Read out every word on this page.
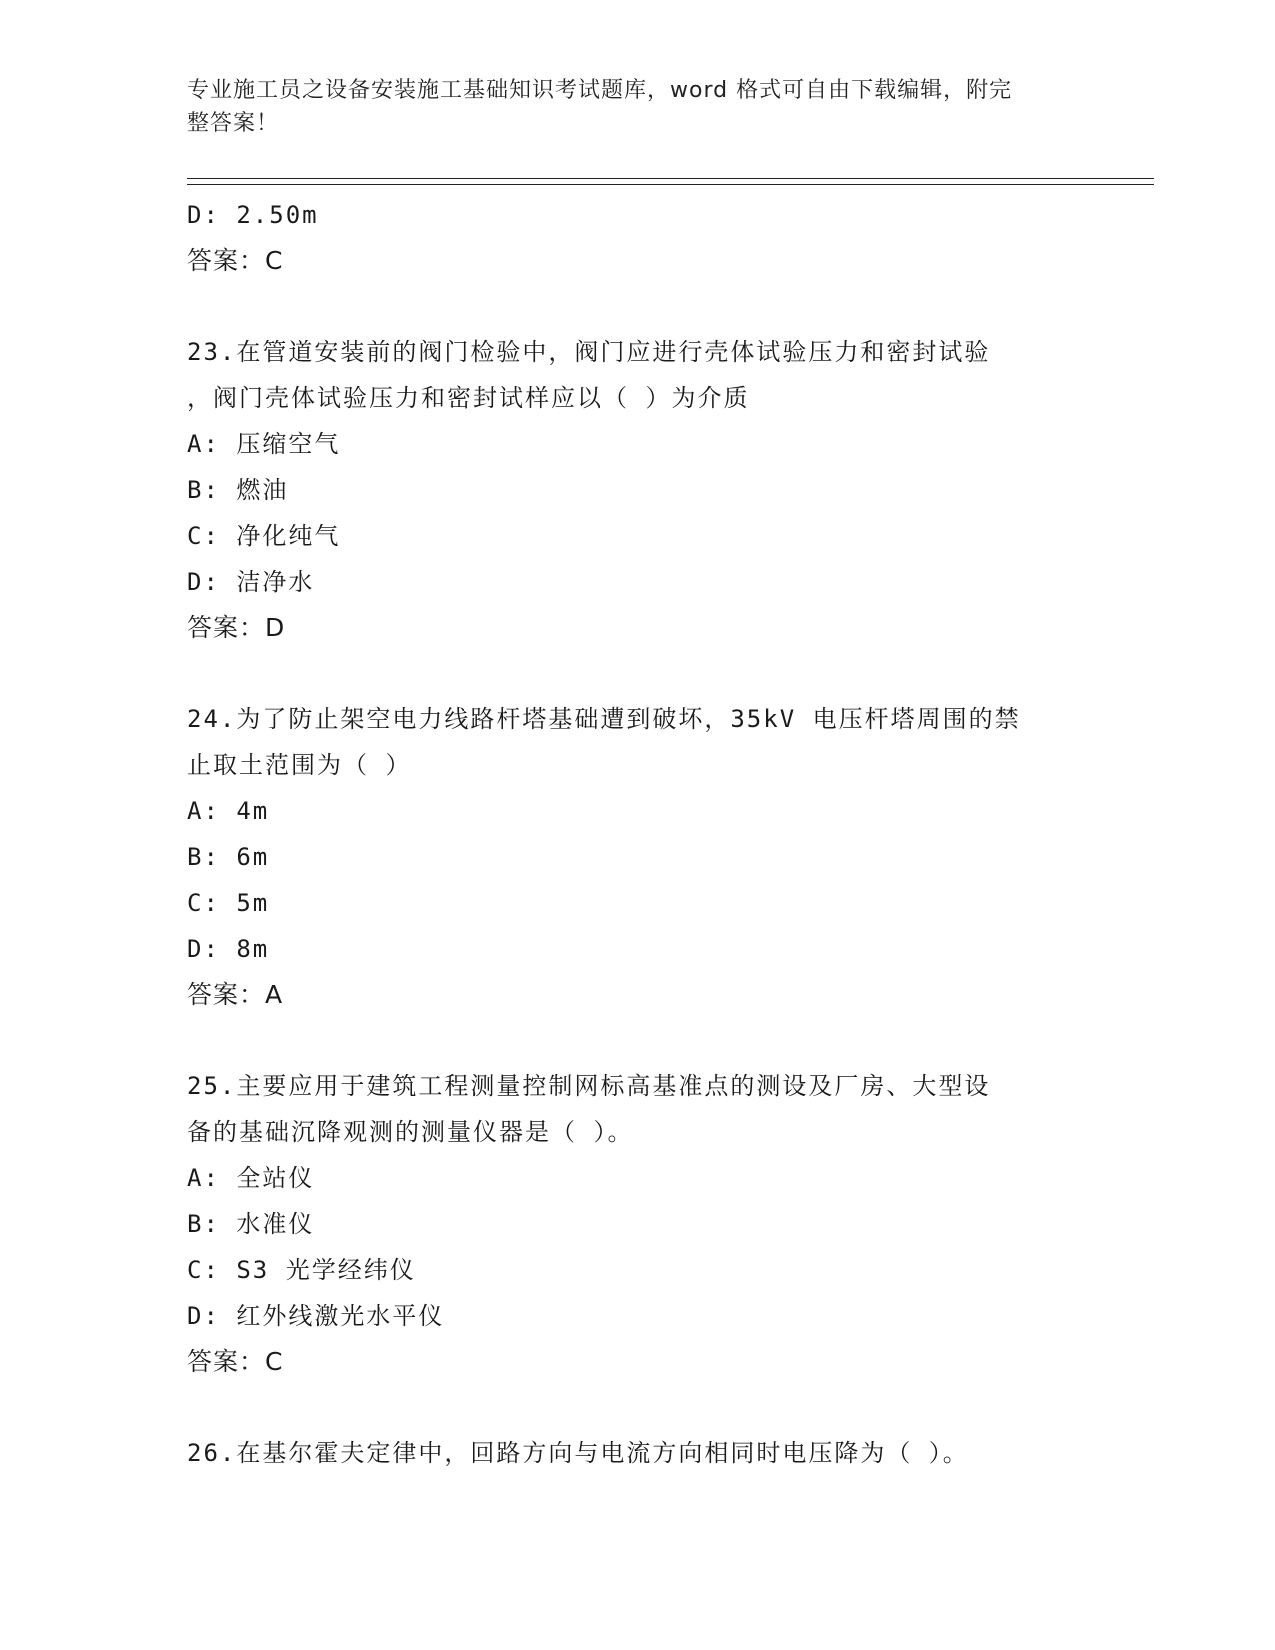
专业施工员之设备安装施工基础知识考试题库，word 格式可自由下载编辑，附完
整答案！
D: 2.50m
答案：C
23.在管道安装前的阀门检验中，阀门应进行壳体试验压力和密封试验
，阀门壳体试验压力和密封试样应以（ ）为介质
A: 压缩空气
B: 燃油
C: 净化纯气
D: 洁净水
答案：D
24.为了防止架空电力线路杆塔基础遭到破坏，35kV 电压杆塔周围的禁
止取土范围为（ ）
A: 4m
B: 6m
C: 5m
D: 8m
答案：A
25.主要应用于建筑工程测量控制网标高基准点的测设及厂房、大型设
备的基础沉降观测的测量仪器是（ ）。
A: 全站仪
B: 水准仪
C: S3 光学经纬仪
D: 红外线激光水平仪
答案：C
26.在基尔霍夫定律中，回路方向与电流方向相同时电压降为（ ）。
